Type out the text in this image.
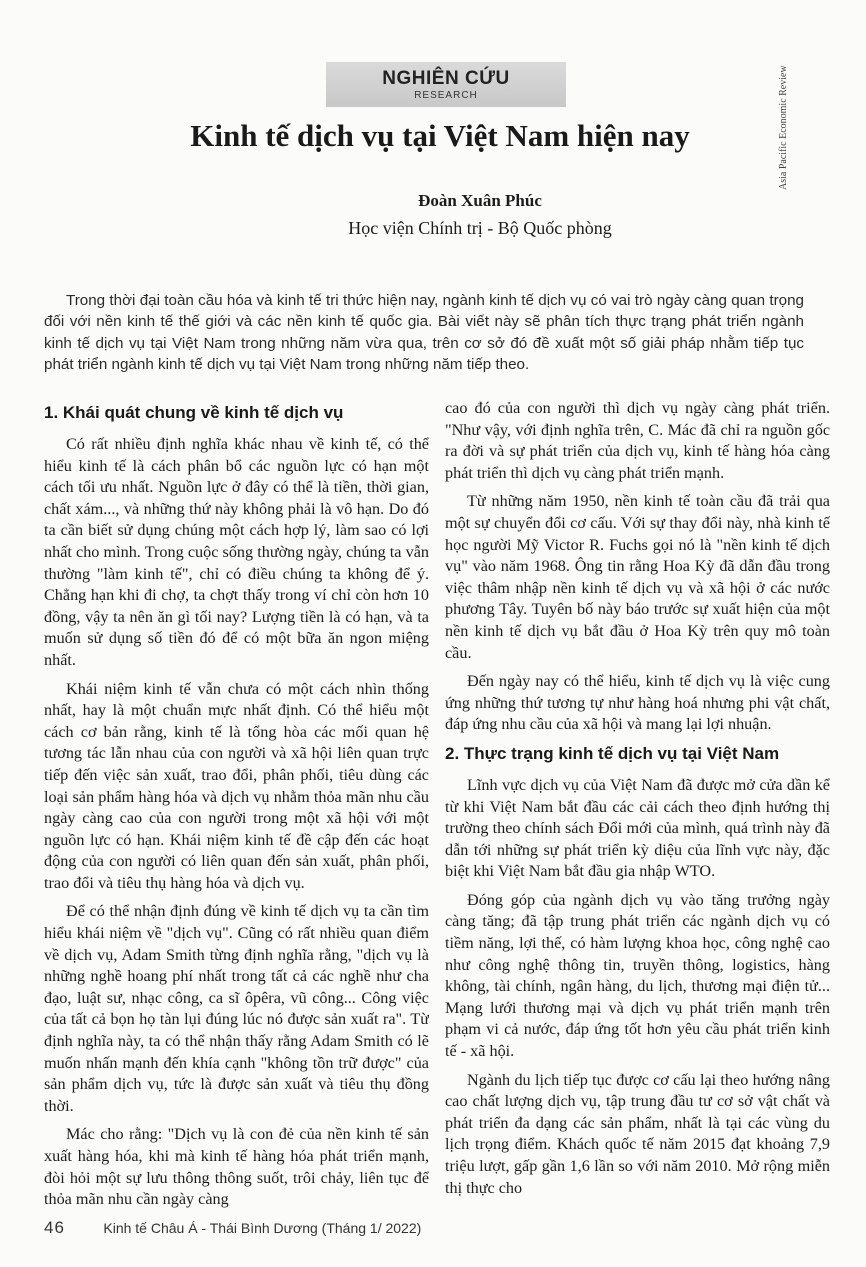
NGHIÊN CỨU
RESEARCH	Asia Pacific Economic Review
Kinh tế dịch vụ tại Việt Nam hiện nay

Đoàn Xuân Phúc

Học viện Chính trị - Bộ Quốc phòng

Trong thời đại toàn cầu hóa và kinh tế tri thức hiện nay, ngành kinh tế dịch vụ có vai trò ngày càng quan trọng đối với nền kinh tế thế giới và các nền kinh tế quốc gia. Bài viết này sẽ phân tích thực trạng phát triển ngành kinh tế dịch vụ tại Việt Nam trong những năm vừa qua, trên cơ sở đó đề xuất một số giải pháp nhằm tiếp tục phát triển ngành kinh tế dịch vụ tại Việt Nam trong những năm tiếp theo.

1. Khái quát chung về kinh tế dịch vụ

Có rất nhiều định nghĩa khác nhau về kinh tế, có thể hiểu kinh tế là cách phân bổ các nguồn lực có hạn một cách tối ưu nhất. Nguồn lực ở đây có thể là tiền, thời gian, chất xám..., và những thứ này không phải là vô hạn. Do đó ta cần biết sử dụng chúng một cách hợp lý, làm sao có lợi nhất cho mình. Trong cuộc sống thường ngày, chúng ta vẫn thường "làm kinh tế", chỉ có điều chúng ta không để ý. Chẳng hạn khi đi chợ, ta chợt thấy trong ví chỉ còn hơn 10 đồng, vậy ta nên ăn gì tối nay? Lượng tiền là có hạn, và ta muốn sử dụng số tiền đó để có một bữa ăn ngon miệng nhất.

Khái niệm kinh tế vẫn chưa có một cách nhìn thống nhất, hay là một chuẩn mực nhất định. Có thể hiểu một cách cơ bản rằng, kinh tế là tổng hòa các mối quan hệ tương tác lẫn nhau của con người và xã hội liên quan trực tiếp đến việc sản xuất, trao đổi, phân phối, tiêu dùng các loại sản phẩm hàng hóa và dịch vụ nhằm thỏa mãn nhu cầu ngày càng cao của con người trong một xã hội với một nguồn lực có hạn. Khái niệm kinh tế đề cập đến các hoạt động của con người có liên quan đến sản xuất, phân phối, trao đổi và tiêu thụ hàng hóa và dịch vụ.

Để có thể nhận định đúng về kinh tế dịch vụ ta cần tìm hiểu khái niệm về "dịch vụ". Cũng có rất nhiều quan điểm về dịch vụ, Adam Smith từng định nghĩa rằng, "dịch vụ là những nghề hoang phí nhất trong tất cả các nghề như cha đạo, luật sư, nhạc công, ca sĩ ôpêra, vũ công... Công việc của tất cả bọn họ tàn lụi đúng lúc nó được sản xuất ra". Từ định nghĩa này, ta có thể nhận thấy rằng Adam Smith có lẽ muốn nhấn mạnh đến khía cạnh "không tồn trữ được" của sản phẩm dịch vụ, tức là được sản xuất và tiêu thụ đồng thời.

Mác cho rằng: "Dịch vụ là con đẻ của nền kinh tế sản xuất hàng hóa, khi mà kinh tế hàng hóa phát triển mạnh, đòi hỏi một sự lưu thông thông suốt, trôi chảy, liên tục để thỏa mãn nhu cần ngày càng

cao đó của con người thì dịch vụ ngày càng phát triển. "Như vậy, với định nghĩa trên, C. Mác đã chỉ ra nguồn gốc ra đời và sự phát triển của dịch vụ, kinh tế hàng hóa càng phát triển thì dịch vụ càng phát triển mạnh.

Từ những năm 1950, nền kinh tế toàn cầu đã trải qua một sự chuyển đổi cơ cấu. Với sự thay đổi này, nhà kinh tế học người Mỹ Victor R. Fuchs gọi nó là "nền kinh tế dịch vụ" vào năm 1968. Ông tin rằng Hoa Kỳ đã dẫn đầu trong việc thâm nhập nền kinh tế dịch vụ và xã hội ở các nước phương Tây. Tuyên bố này báo trước sự xuất hiện của một nền kinh tế dịch vụ bắt đầu ở Hoa Kỳ trên quy mô toàn cầu.

Đến ngày nay có thể hiểu, kinh tế dịch vụ là việc cung ứng những thứ tương tự như hàng hoá nhưng phi vật chất, đáp ứng nhu cầu của xã hội và mang lại lợi nhuận.

2. Thực trạng kinh tế dịch vụ tại Việt Nam

Lĩnh vực dịch vụ của Việt Nam đã được mở cửa dần kể từ khi Việt Nam bắt đầu các cải cách theo định hướng thị trường theo chính sách Đổi mới của mình, quá trình này đã dẫn tới những sự phát triển kỳ diệu của lĩnh vực này, đặc biệt khi Việt Nam bắt đầu gia nhập WTO.

Đóng góp của ngành dịch vụ vào tăng trưởng ngày càng tăng; đã tập trung phát triển các ngành dịch vụ có tiềm năng, lợi thế, có hàm lượng khoa học, công nghệ cao như công nghệ thông tin, truyền thông, logistics, hàng không, tài chính, ngân hàng, du lịch, thương mại điện tử... Mạng lưới thương mại và dịch vụ phát triển mạnh trên phạm vi cả nước, đáp ứng tốt hơn yêu cầu phát triển kinh tế - xã hội.

Ngành du lịch tiếp tục được cơ cấu lại theo hướng nâng cao chất lượng dịch vụ, tập trung đầu tư cơ sở vật chất và phát triển đa dạng các sản phẩm, nhất là tại các vùng du lịch trọng điểm. Khách quốc tế năm 2015 đạt khoảng 7,9 triệu lượt, gấp gần 1,6 lần so với năm 2010. Mở rộng miễn thị thực cho

46	Kinh tế Châu Á - Thái Bình Dương (Tháng 1/ 2022)
